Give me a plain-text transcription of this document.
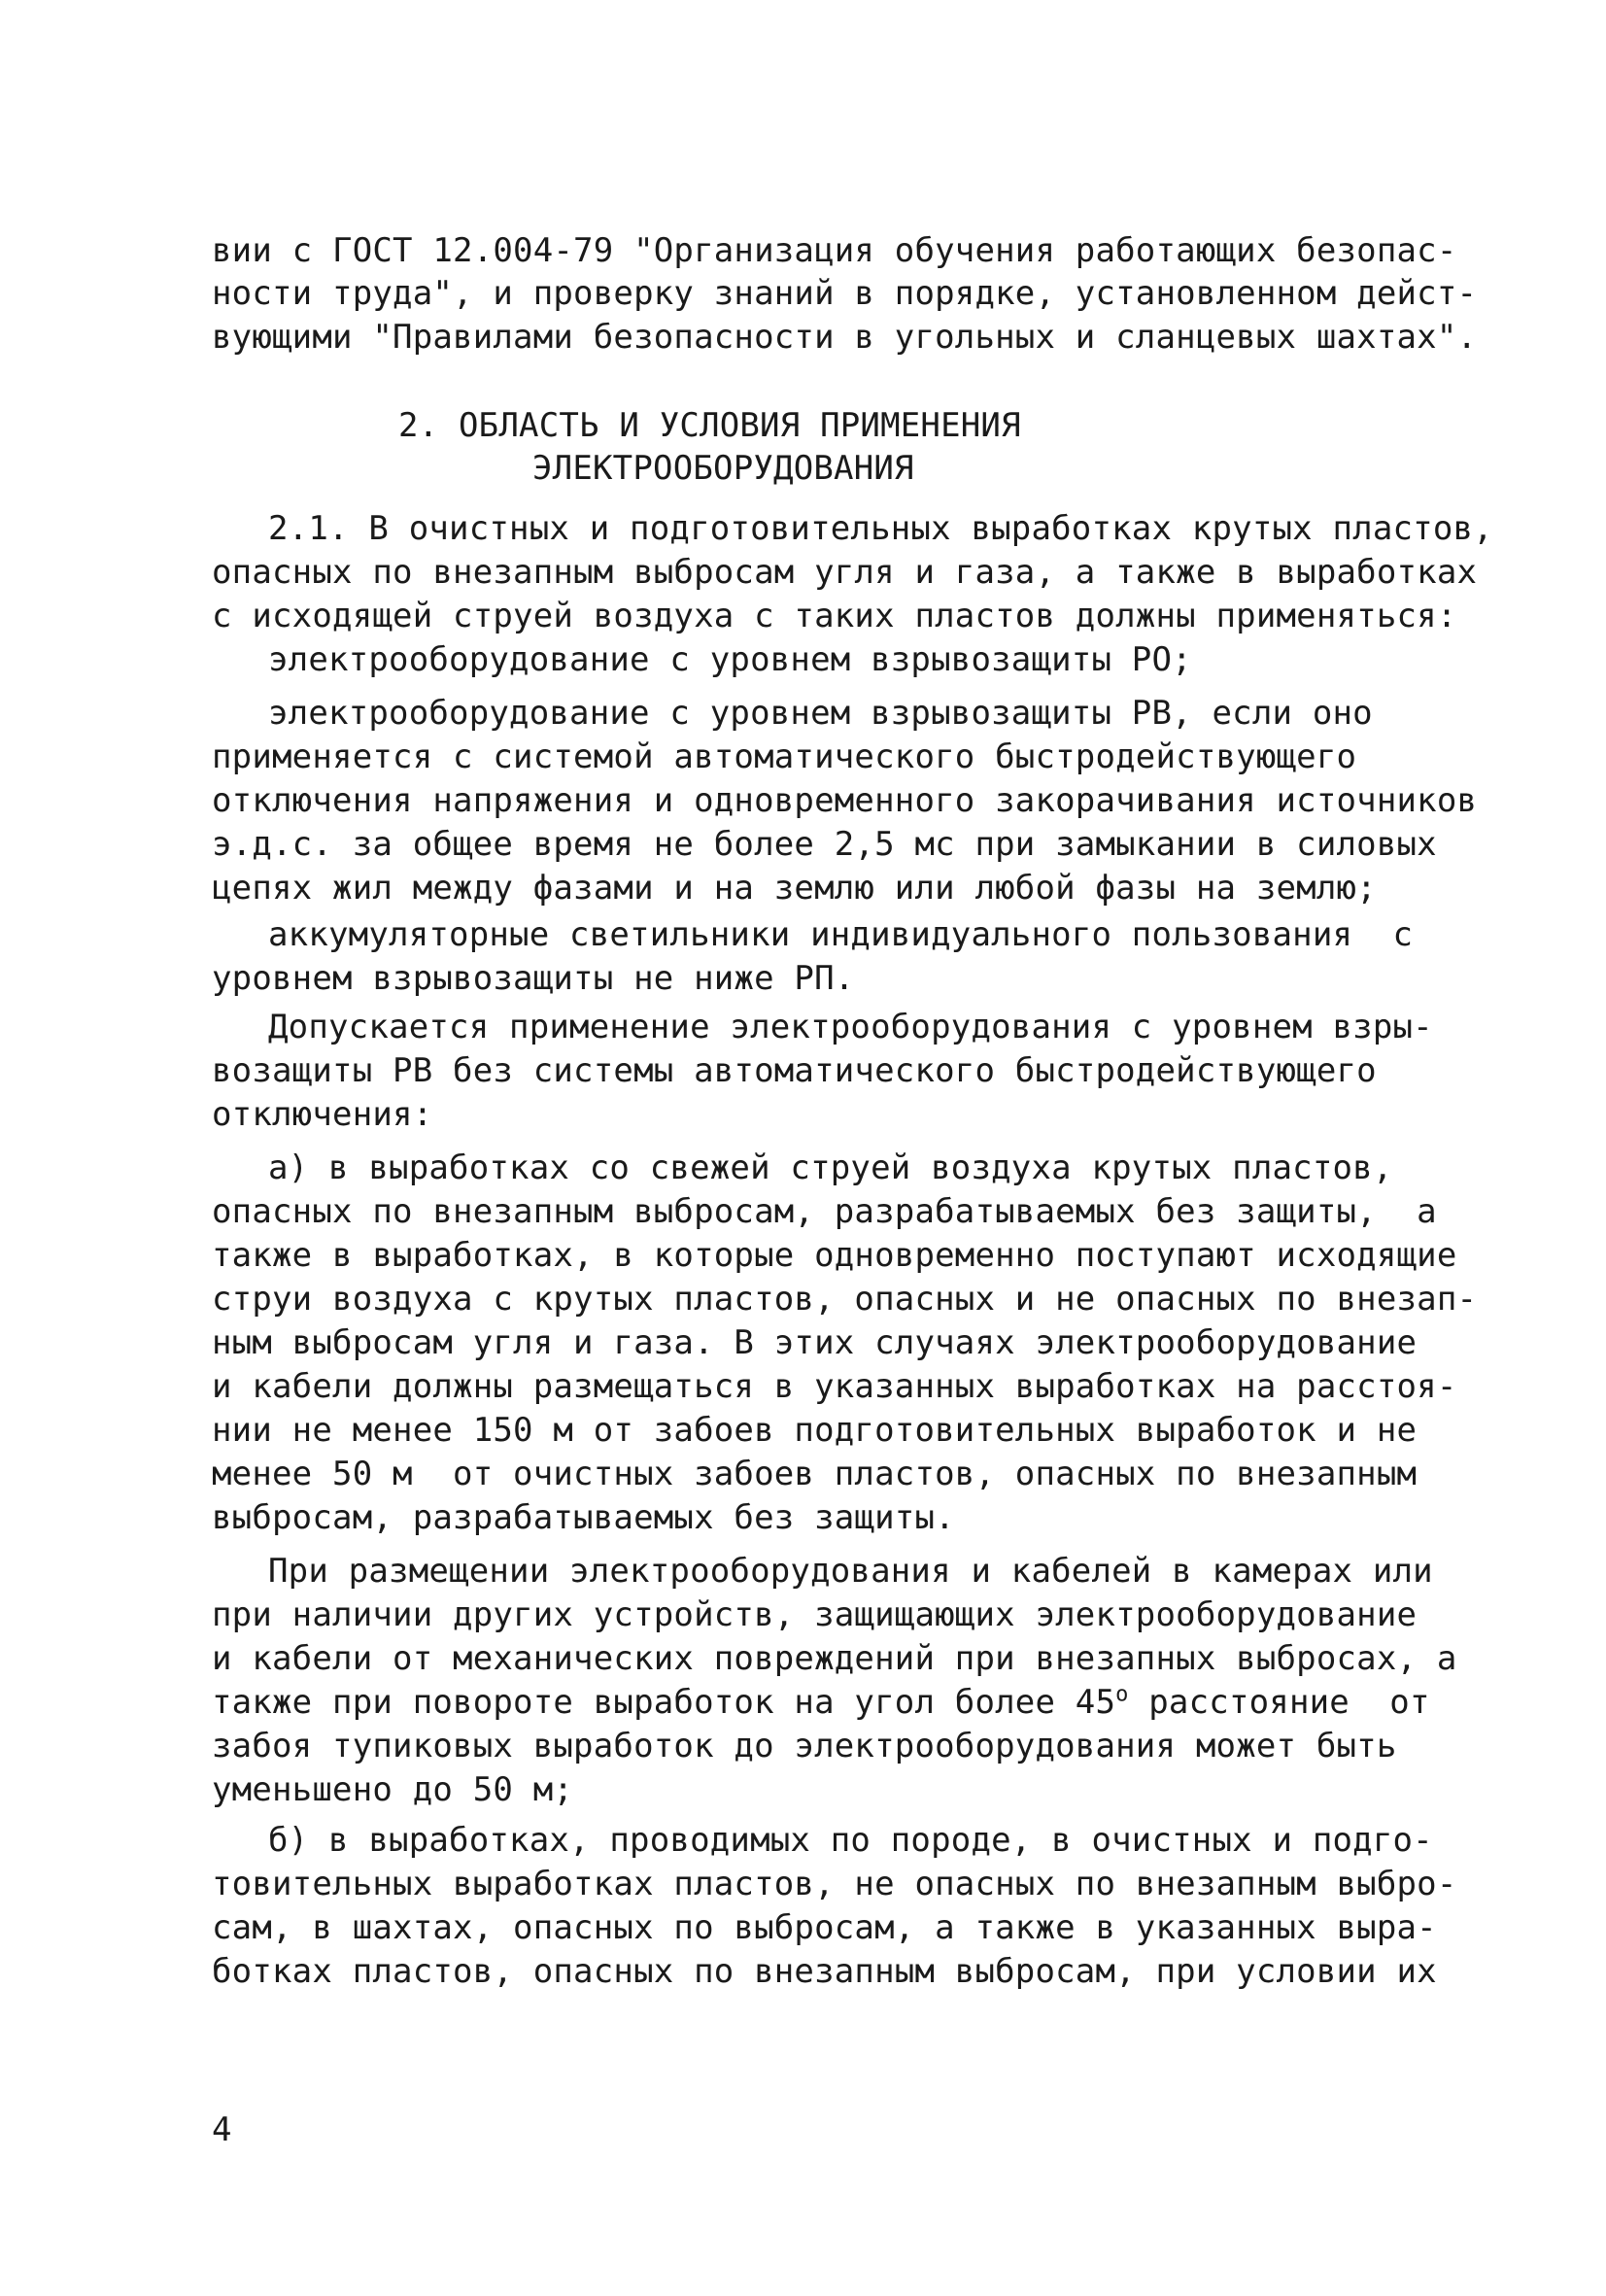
вии с ГОСТ 12.004-79 "Организация обучения работающих безопас-
ности труда", и проверку знаний в порядке, установленном дейст-
вующими "Правилами безопасности в угольных и сланцевых шахтах".
2. ОБЛАСТЬ И УСЛОВИЯ ПРИМЕНЕНИЯ
ЭЛЕКТРООБОРУДОВАНИЯ
2.1. В очистных и подготовительных выработках крутых пластов,
опасных по внезапным выбросам угля и газа, а также в выработках
с исходящей струей воздуха с таких пластов должны применяться:
электрооборудование с уровнем взрывозащиты РО;
электрооборудование с уровнем взрывозащиты РВ, если оно
применяется с системой автоматического быстродействующего
отключения напряжения и одновременного закорачивания источников
э.д.с. за общее время не более 2,5 мс при замыкании в силовых
цепях жил между фазами и на землю или любой фазы на землю;
аккумуляторные светильники индивидуального пользования  с
уровнем взрывозащиты не ниже РП.
Допускается применение электрооборудования с уровнем взры-
возащиты РВ без системы автоматического быстродействующего
отключения:
а) в выработках со свежей струей воздуха крутых пластов,
опасных по внезапным выбросам, разрабатываемых без защиты,  а
также в выработках, в которые одновременно поступают исходящие
струи воздуха с крутых пластов, опасных и не опасных по внезап-
ным выбросам угля и газа. В этих случаях электрооборудование
и кабели должны размещаться в указанных выработках на расстоя-
нии не менее 150 м от забоев подготовительных выработок и не
менее 50 м  от очистных забоев пластов, опасных по внезапным
выбросам, разрабатываемых без защиты.
При размещении электрооборудования и кабелей в камерах или
при наличии других устройств, защищающих электрооборудование
и кабели от механических повреждений при внезапных выбросах, а
также при повороте выработок на угол более $45^о$ расстояние  от
забоя тупиковых выработок до электрооборудования может быть
уменьшено до 50 м;
б) в выработках, проводимых по породе, в очистных и подго-
товительных выработках пластов, не опасных по внезапным выбро-
сам, в шахтах, опасных по выбросам, а также в указанных выра-
ботках пластов, опасных по внезапным выбросам, при условии их
4
